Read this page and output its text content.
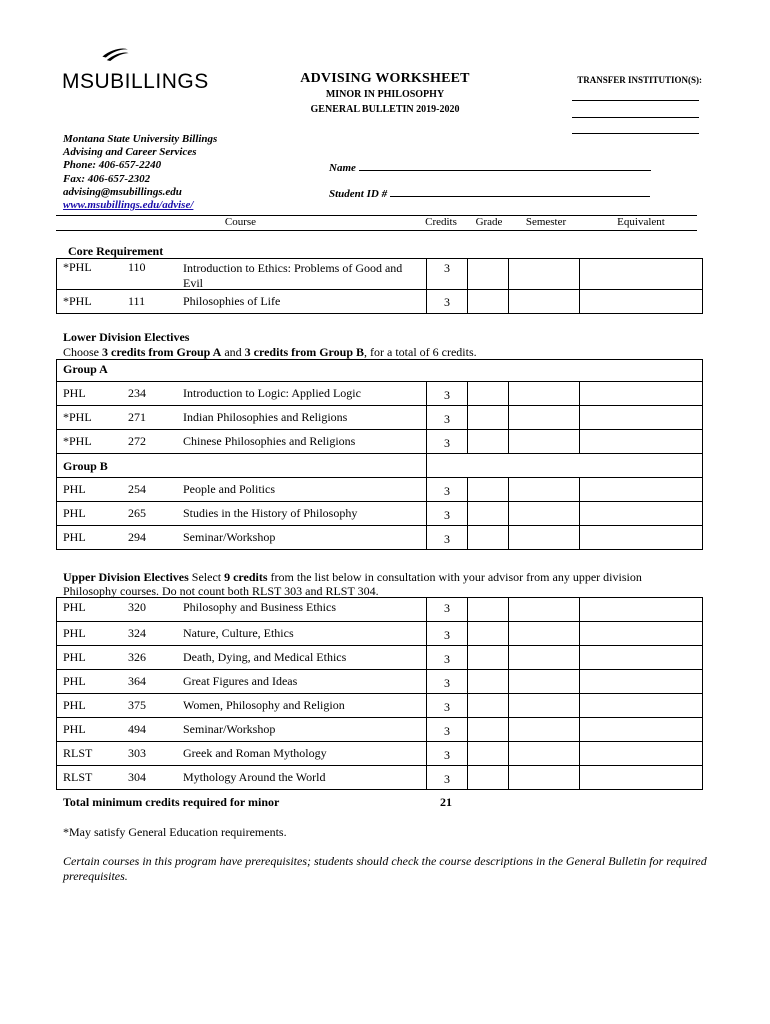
MSUBILLINGS	ADVISING WORKSHEET
MINOR IN PHILOSOPHY
GENERAL BULLETIN 2019-2020
TRANSFER INSTITUTION(S):
Montana State University Billings
Advising and Career Services
Phone: 406-657-2240
Fax: 406-657-2302
advising@msubillings.edu
www.msubillings.edu/advise/
Name
Student ID #
Course	Credits	Grade	Semester	Equivalent
Core Requirement
*PHL 110 Introduction to Ethics: Problems of Good and Evil	3			

*PHL 111 Philosophies of Life	3			

Lower Division Electives
Choose 3 credits from Group A and 3 credits from Group B, for a total of 6 credits.
Group A				

PHL 234 Introduction to Logic: Applied Logic	3			

*PHL 271 Indian Philosophies and Religions	3			

*PHL 272 Chinese Philosophies and Religions	3			

Group B				

PHL 254 People and Politics	3			

PHL 265 Studies in the History of Philosophy	3			

PHL 294 Seminar/Workshop	3			

Upper Division Electives Select 9 credits from the list below in consultation with your advisor from any upper division
Philosophy courses. Do not count both RLST 303 and RLST 304.
PHL 320 Philosophy and Business Ethics	3			

PHL 324 Nature, Culture, Ethics	3			

PHL 326 Death, Dying, and Medical Ethics	3			

PHL 364 Great Figures and Ideas	3			

PHL 375 Women, Philosophy and Religion	3			

PHL 494 Seminar/Workshop	3			

RLST 303 Greek and Roman Mythology	3			

RLST 304 Mythology Around the World	3			

Total minimum credits required for minor	21
*May satisfy General Education requirements.
Certain courses in this program have prerequisites; students should check the course descriptions in the General Bulletin for required prerequisites.
